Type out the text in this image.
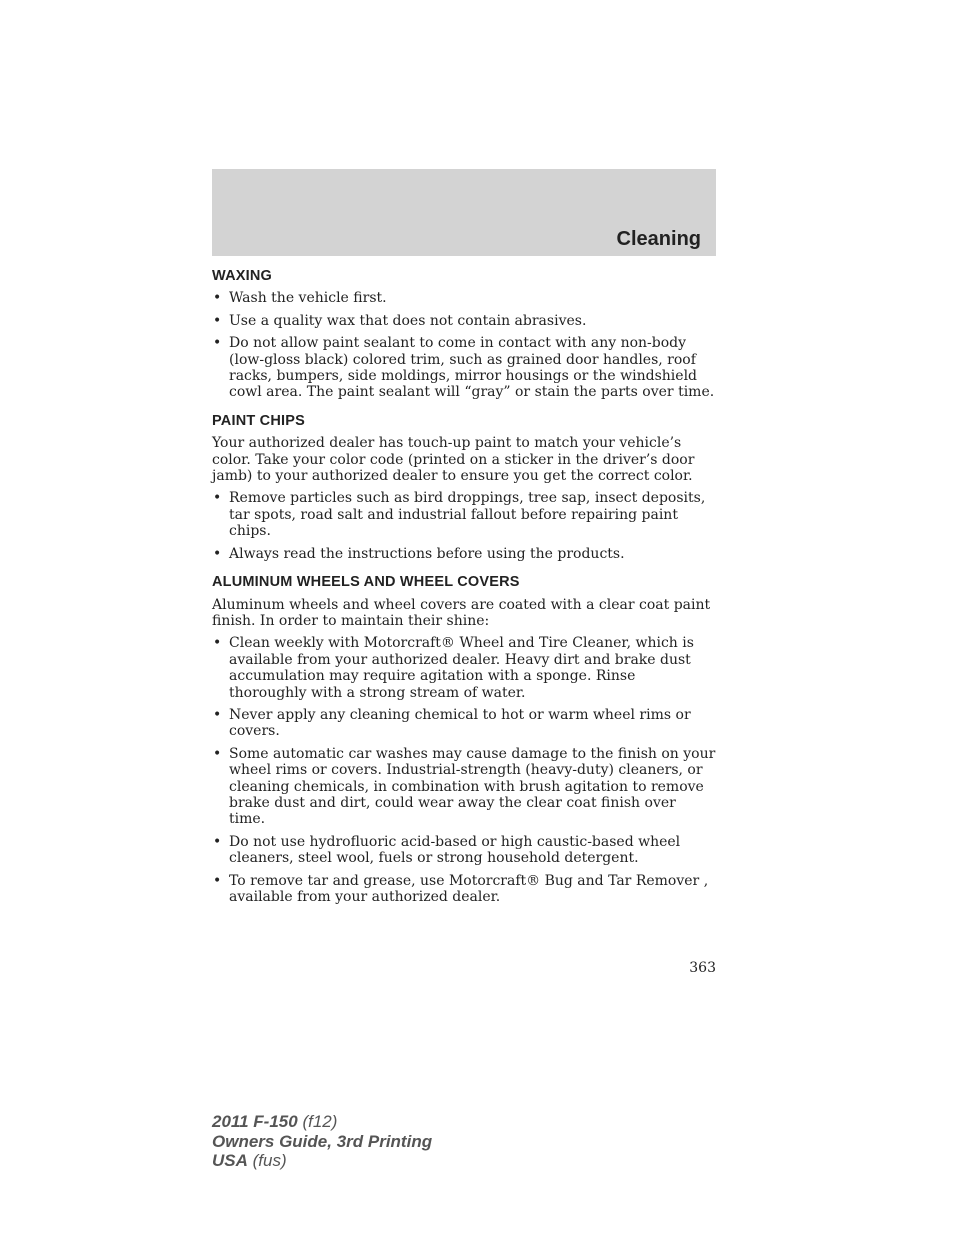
Cleaning
WAXING
• Wash the vehicle first.
• Use a quality wax that does not contain abrasives.
• Do not allow paint sealant to come in contact with any non-body (low-gloss black) colored trim, such as grained door handles, roof racks, bumpers, side moldings, mirror housings or the windshield cowl area. The paint sealant will “gray” or stain the parts over time.
PAINT CHIPS

Your authorized dealer has touch-up paint to match your vehicle’s color. Take your color code (printed on a sticker in the driver’s door jamb) to your authorized dealer to ensure you get the correct color.

• Remove particles such as bird droppings, tree sap, insect deposits, tar spots, road salt and industrial fallout before repairing paint chips.
• Always read the instructions before using the products.
ALUMINUM WHEELS AND WHEEL COVERS

Aluminum wheels and wheel covers are coated with a clear coat paint finish. In order to maintain their shine:

• Clean weekly with Motorcraft® Wheel and Tire Cleaner, which is available from your authorized dealer. Heavy dirt and brake dust accumulation may require agitation with a sponge. Rinse thoroughly with a strong stream of water.
• Never apply any cleaning chemical to hot or warm wheel rims or covers.
• Some automatic car washes may cause damage to the finish on your wheel rims or covers. Industrial-strength (heavy-duty) cleaners, or cleaning chemicals, in combination with brush agitation to remove brake dust and dirt, could wear away the clear coat finish over time.
• Do not use hydrofluoric acid-based or high caustic-based wheel cleaners, steel wool, fuels or strong household detergent.
• To remove tar and grease, use Motorcraft® Bug and Tar Remover , available from your authorized dealer.
363
2011 F-150 (f12)
Owners Guide, 3rd Printing
USA (fus)
